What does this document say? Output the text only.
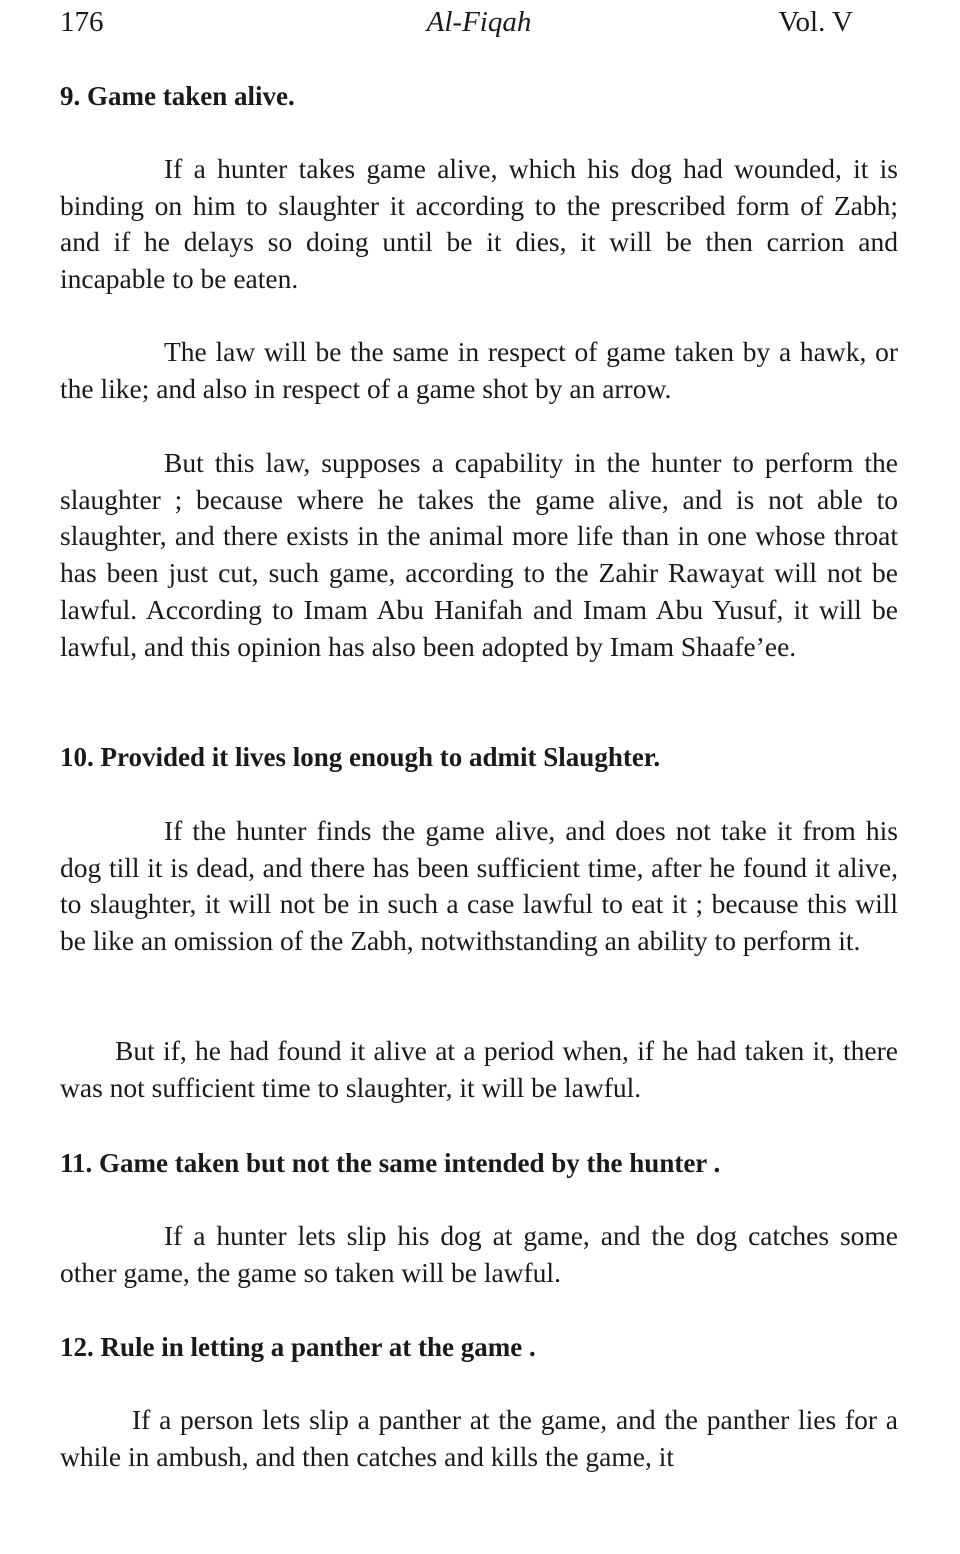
176	Al-Fiqah	Vol. V
9. Game taken alive.
If a hunter takes game alive, which his dog had wounded, it is binding on him to slaughter it according to the prescribed form of Zabh; and if he delays so doing until be it dies, it will be then carrion and incapable to be eaten.
The law will be the same in respect of game taken by a hawk, or the like; and also in respect of a game shot by an arrow.
But this law, supposes a capability in the hunter to perform the slaughter ; because where he takes the game alive, and is not able to slaughter, and there exists in the animal more life than in one whose throat has been just cut, such game, according to the Zahir Rawayat will not be lawful. According to Imam Abu Hanifah and Imam Abu Yusuf, it will be lawful, and this opinion has also been adopted by Imam Shaafe’ee.
10. Provided it lives long enough to admit Slaughter.
If the hunter finds the game alive, and does not take it from his dog till it is dead, and there has been sufficient time, after he found it alive, to slaughter, it will not be in such a case lawful to eat it ; because this will be like an omission of the Zabh, notwithstanding an ability to perform it.
But if, he had found it alive at a period when, if he had taken it, there was not sufficient time to slaughter, it will be lawful.
11. Game taken but not the same intended by the hunter .
If a hunter lets slip his dog at game, and the dog catches some other game, the game so taken will be lawful.
12. Rule in letting a panther at the game .
If a person lets slip a panther at the game, and the panther lies for a while in ambush, and then catches and kills the game, it
